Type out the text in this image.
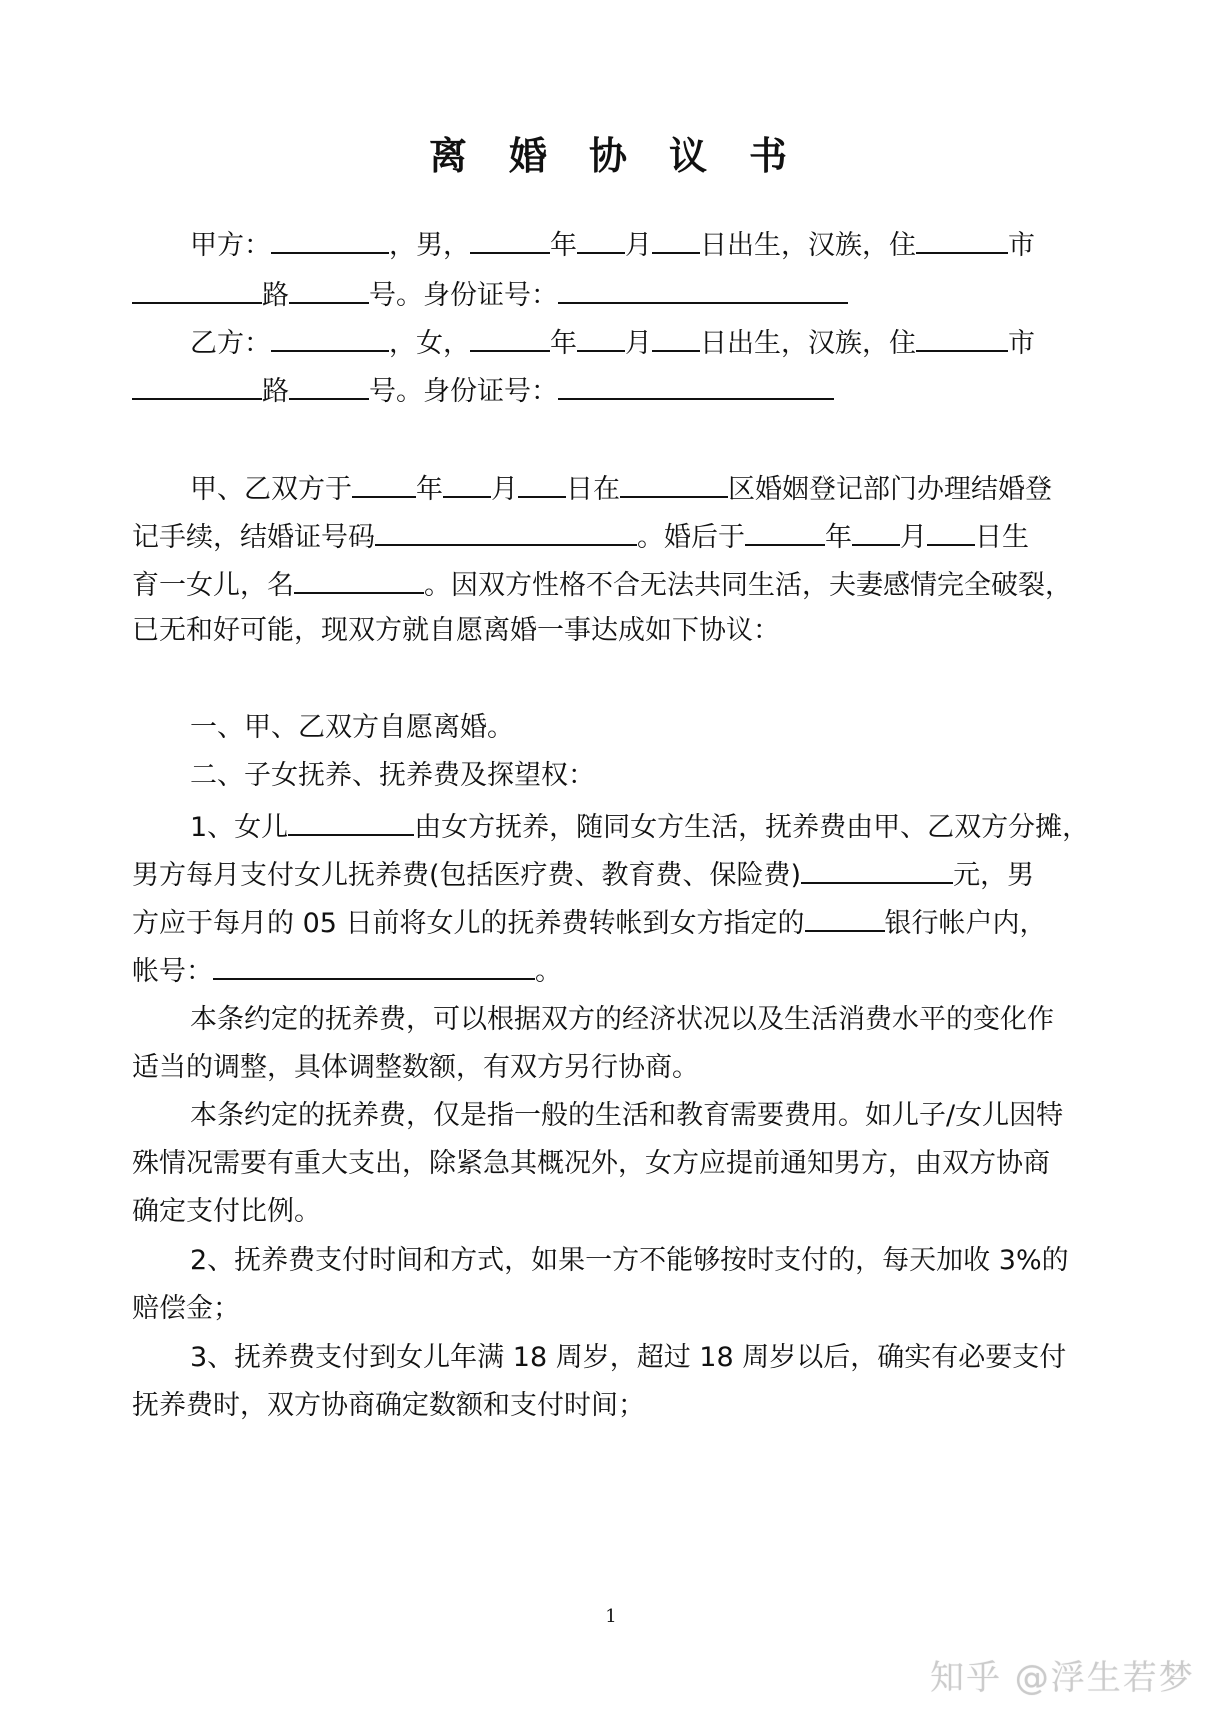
离 婚 协 议 书
甲方：	，男，	年 月 日出生，汉族，住	市
路	号。身份证号：
乙方：	，女，	年 月 日出生，汉族，住	市
路	号。身份证号：
甲、乙双方于 年 月 日在	区婚姻登记部门办理结婚登
记手续，结婚证号码	。婚后于	年 月 日生
育一女儿，名	。因双方性格不合无法共同生活，夫妻感情完全破裂，
已无和好可能，现双方就自愿离婚一事达成如下协议：
一、甲、乙双方自愿离婚。
二、子女抚养、抚养费及探望权：
1、女儿	由女方抚养，随同女方生活，抚养费由甲、乙双方分摊，
男方每月支付女儿抚养费(包括医疗费、教育费、保险费)	元，男
方应于每月的 05 日前将女儿的抚养费转帐到女方指定的	银行帐户内，
帐号：	。
本条约定的抚养费，可以根据双方的经济状况以及生活消费水平的变化作
适当的调整，具体调整数额，有双方另行协商。
本条约定的抚养费，仅是指一般的生活和教育需要费用。如儿子/女儿因特
殊情况需要有重大支出，除紧急其概况外，女方应提前通知男方，由双方协商
确定支付比例。
2、抚养费支付时间和方式，如果一方不能够按时支付的，每天加收 3%的
赔偿金；
3、抚养费支付到女儿年满 18 周岁，超过 18 周岁以后，确实有必要支付
抚养费时，双方协商确定数额和支付时间；
1
知乎 @浮生若梦
